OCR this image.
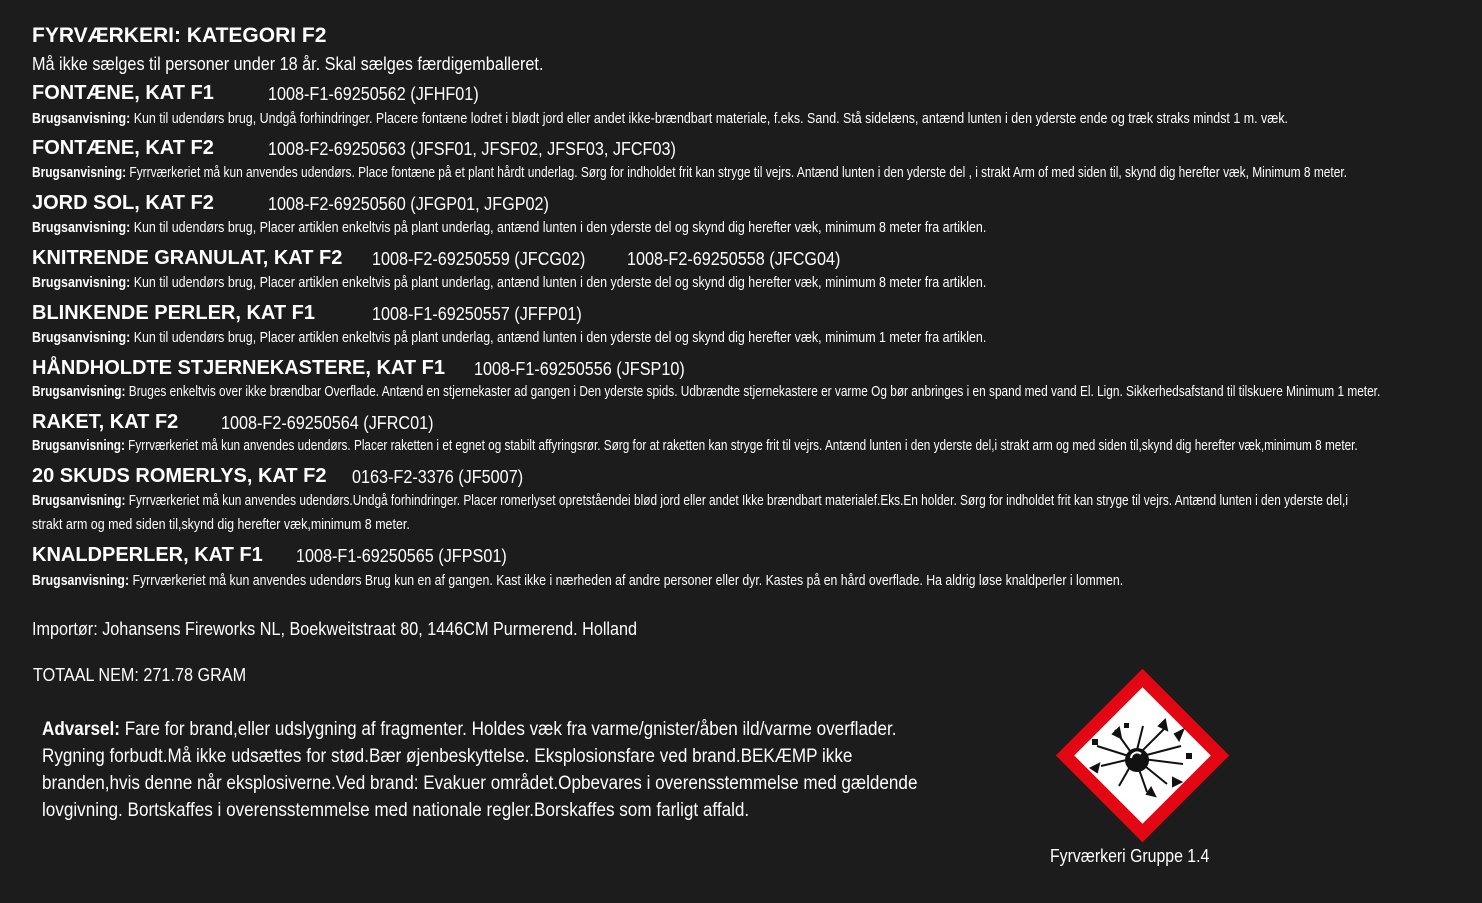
FYRVÆRKERI: KATEGORI F2
Må ikke sælges til personer under 18 år. Skal sælges færdigemballeret.
FONTÆNE, KAT F1	1008-F1-69250562 (JFHF01)
Brugsanvisning: Kun til udendørs brug, Undgå forhindringer. Placere fontæne lodret i blødt jord eller andet ikke-brændbart materiale, f.eks. Sand. Stå sidelæns, antænd lunten i den yderste ende og træk straks mindst 1 m. væk.
FONTÆNE, KAT F2	1008-F2-69250563 (JFSF01, JFSF02, JFSF03, JFCF03)
Brugsanvisning: Fyrrværkeriet må kun anvendes udendørs. Place fontæne på et plant hårdt underlag. Sørg for indholdet frit kan stryge til vejrs. Antænd lunten i den yderste del , i strakt Arm of med siden til, skynd dig herefter væk, Minimum 8 meter.
JORD SOL, KAT F2	1008-F2-69250560 (JFGP01, JFGP02)
Brugsanvisning: Kun til udendørs brug, Placer artiklen enkeltvis på plant underlag, antænd lunten i den yderste del og skynd dig herefter væk, minimum 8 meter fra artiklen.
KNITRENDE GRANULAT, KAT F2 1008-F2-69250559 (JFCG02) 1008-F2-69250558 (JFCG04)
Brugsanvisning: Kun til udendørs brug, Placer artiklen enkeltvis på plant underlag, antænd lunten i den yderste del og skynd dig herefter væk, minimum 8 meter fra artiklen.
BLINKENDE PERLER, KAT F1	1008-F1-69250557 (JFFP01)
Brugsanvisning: Kun til udendørs brug, Placer artiklen enkeltvis på plant underlag, antænd lunten i den yderste del og skynd dig herefter væk, minimum 1 meter fra artiklen.
HÅNDHOLDTE STJERNEKASTERE, KAT F1 1008-F1-69250556 (JFSP10)
Brugsanvisning: Bruges enkeltvis over ikke brændbar Overflade. Antænd en stjernekaster ad gangen i Den yderste spids. Udbrændte stjernekastere er varme Og bør anbringes i en spand med vand El. Lign. Sikkerhedsafstand til tilskuere Minimum 1 meter.
RAKET, KAT F2 1008-F2-69250564 (JFRC01)
Brugsanvisning: Fyrrværkeriet må kun anvendes udendørs. Placer raketten i et egnet og stabilt affyringsrør. Sørg for at raketten kan stryge frit til vejrs. Antænd lunten i den yderste del,i strakt arm og med siden til,skynd dig herefter væk,minimum 8 meter.
20 SKUDS ROMERLYS, KAT F2 0163-F2-3376 (JF5007)
Brugsanvisning: Fyrrværkeriet må kun anvendes udendørs.Undgå forhindringer. Placer romerlyset opretståendei blød jord eller andet Ikke brændbart materialef.Eks.En holder. Sørg for indholdet frit kan stryge til vejrs. Antænd lunten i den yderste del,i
strakt arm og med siden til,skynd dig herefter væk,minimum 8 meter.
KNALDPERLER, KAT F1 1008-F1-69250565 (JFPS01)
Brugsanvisning: Fyrrværkeriet må kun anvendes udendørs Brug kun en af gangen. Kast ikke i nærheden af andre personer eller dyr. Kastes på en hård overflade. Ha aldrig løse knaldperler i lommen.
Importør: Johansens Fireworks NL, Boekweitstraat 80, 1446CM Purmerend. Holland
TOTAAL NEM: 271.78 GRAM
Advarsel: Fare for brand,eller udslygning af fragmenter. Holdes væk fra varme/gnister/åben ild/varme overflader. Rygning forbudt.Må ikke udsættes for stød.Bær øjenbeskyttelse. Eksplosionsfare ved brand.BEKÆMP ikke branden,hvis denne når eksplosiverne.Ved brand: Evakuer området.Opbevares i overensstemmelse med gældende lovgivning. Bortskaffes i overensstemmelse med nationale regler.Borskaffes som farligt affald.
Fyrværkeri Gruppe 1.4
